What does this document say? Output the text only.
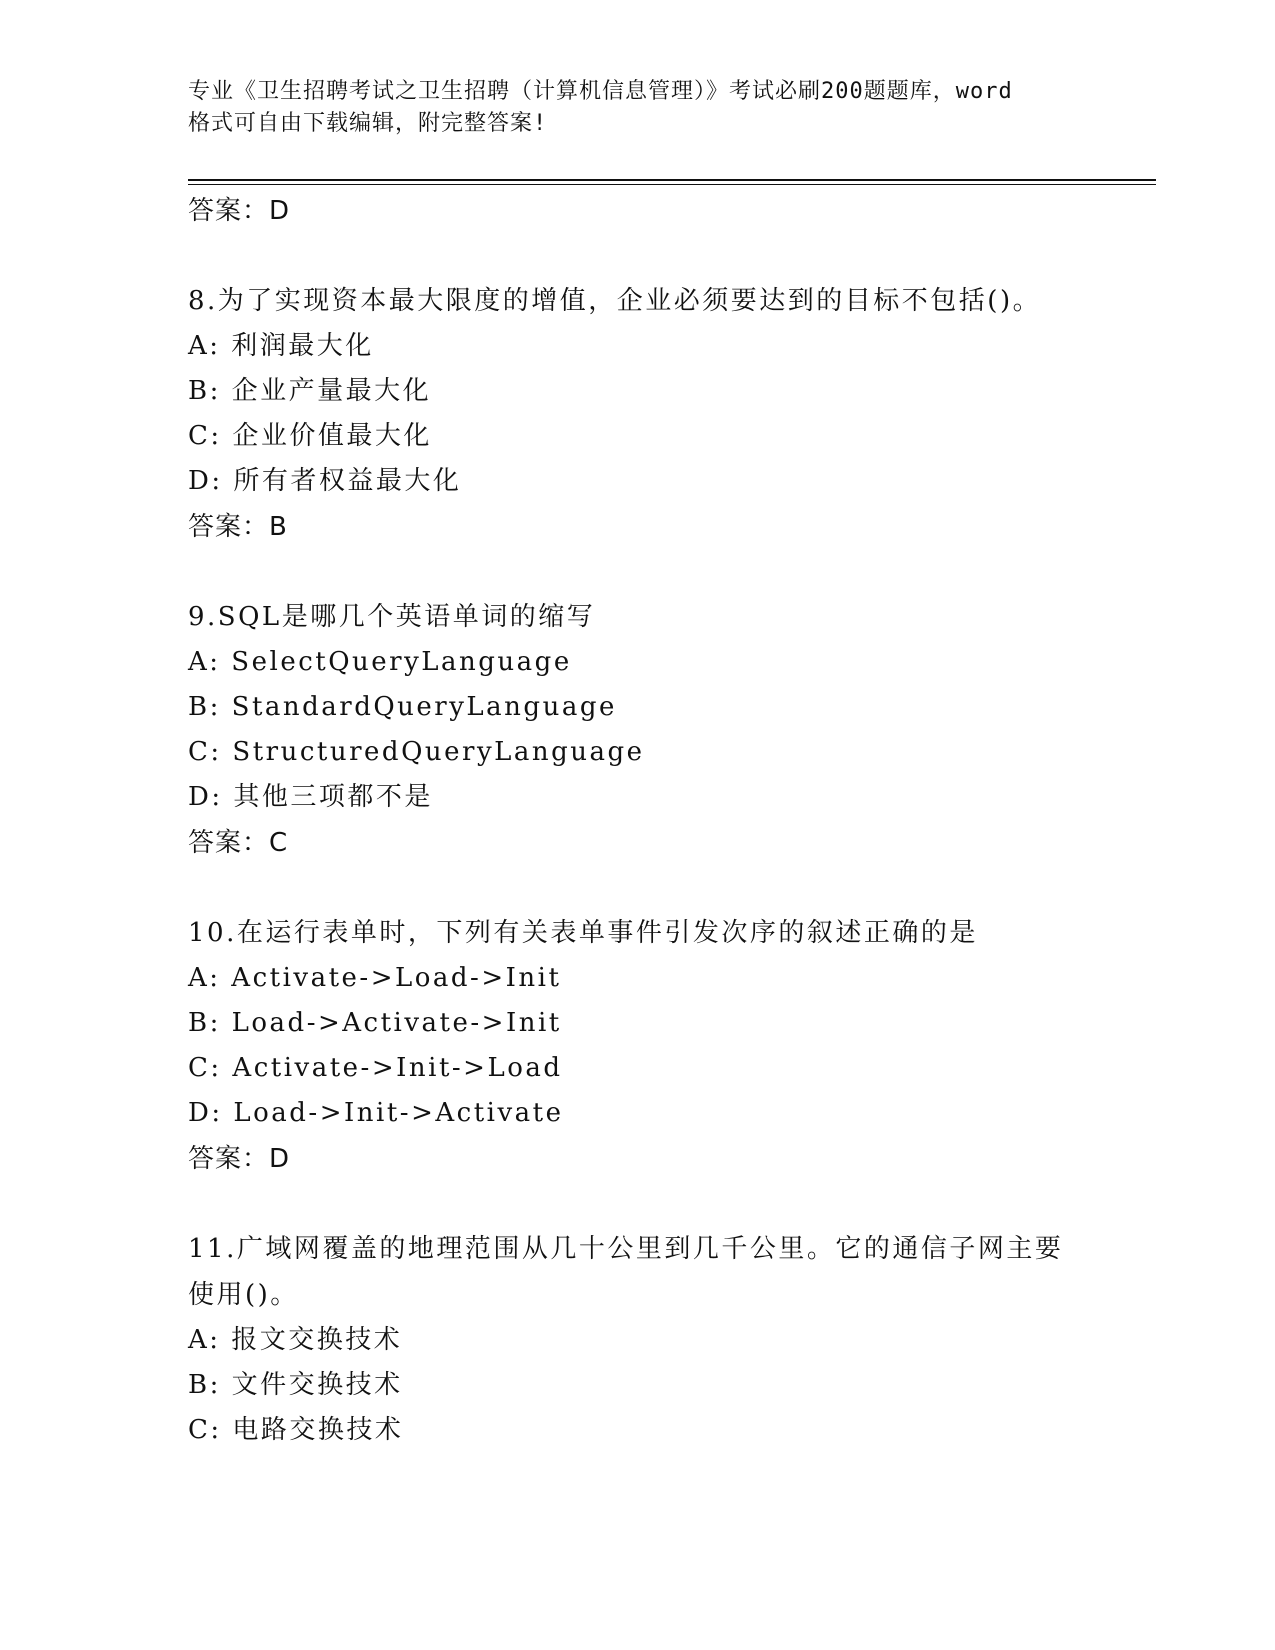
专业《卫生招聘考试之卫生招聘（计算机信息管理）》考试必刷200题题库，word
格式可自由下载编辑，附完整答案!
答案：D

8.为了实现资本最大限度的增值，企业必须要达到的目标不包括()。

A: 利润最大化
B: 企业产量最大化
C: 企业价值最大化
D: 所有者权益最大化
答案：B

9.SQL是哪几个英语单词的缩写

A: SelectQueryLanguage
B: StandardQueryLanguage
C: StructuredQueryLanguage
D: 其他三项都不是
答案：C

10.在运行表单时，下列有关表单事件引发次序的叙述正确的是

A: Activate->Load->Init
B: Load->Activate->Init
C: Activate->Init->Load
D: Load->Init->Activate
答案：D

11.广域网覆盖的地理范围从几十公里到几千公里。它的通信子网主要

使用()。

A: 报文交换技术
B: 文件交换技术
C: 电路交换技术
